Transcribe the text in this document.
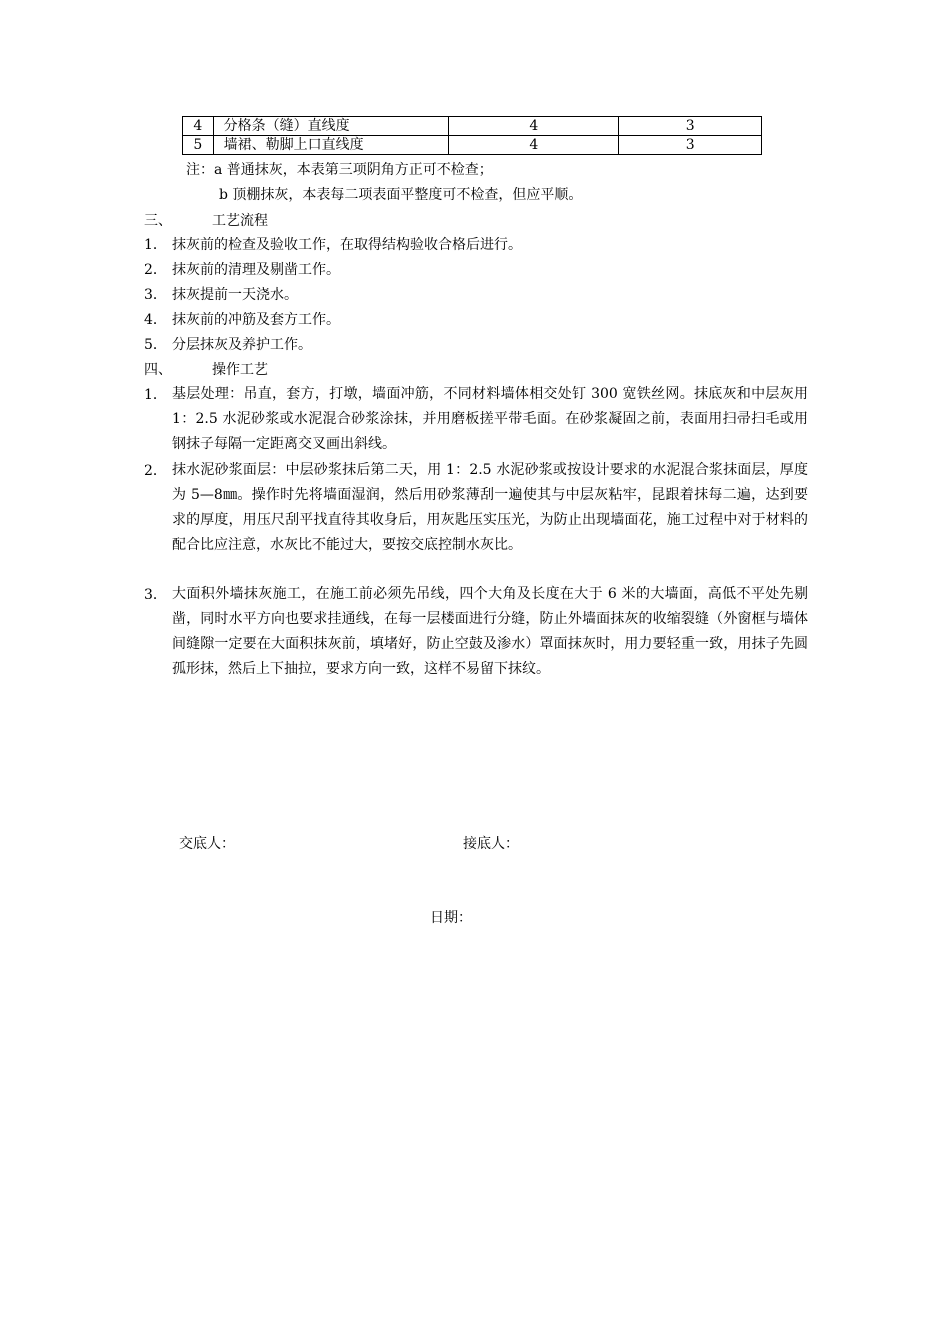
4	分格条（缝）直线度	4	3
5	墙裙、勒脚上口直线度	4	3
注：a 普通抹灰，本表第三项阴角方正可不检查；
b 顶棚抹灰，本表每二项表面平整度可不检查，但应平顺。
三、	工艺流程
1． 抹灰前的检查及验收工作，在取得结构验收合格后进行。
2． 抹灰前的清理及剔凿工作。
3． 抹灰提前一天浇水。
4． 抹灰前的冲筋及套方工作。
5． 分层抹灰及养护工作。
四、	操作工艺
1． 基层处理：吊直，套方，打墩，墙面冲筋，不同材料墙体相交处钉 300 宽铁丝网。抹底灰和中层灰用 1：2.5 水泥砂浆或水泥混合砂浆涂抹，并用磨板搓平带毛面。在砂浆凝固之前，表面用扫帚扫毛或用钢抹子每隔一定距离交叉画出斜线。
2． 抹水泥砂浆面层：中层砂浆抹后第二天，用 1：2.5 水泥砂浆或按设计要求的水泥混合浆抹面层，厚度为 5—8㎜。操作时先将墙面湿润，然后用砂浆薄刮一遍使其与中层灰粘牢，昆跟着抹每二遍，达到要求的厚度，用压尺刮平找直待其收身后，用灰匙压实压光，为防止出现墙面花，施工过程中对于材料的配合比应注意，水灰比不能过大，要按交底控制水灰比。
3． 大面积外墙抹灰施工，在施工前必须先吊线，四个大角及长度在大于 6 米的大墙面，高低不平处先剔凿，同时水平方向也要求挂通线，在每一层楼面进行分缝，防止外墙面抹灰的收缩裂缝（外窗框与墙体间缝隙一定要在大面积抹灰前，填堵好，防止空鼓及渗水）罩面抹灰时，用力要轻重一致，用抹子先圆孤形抹，然后上下抽拉，要求方向一致，这样不易留下抹纹。
交底人：	接底人：
日期：
